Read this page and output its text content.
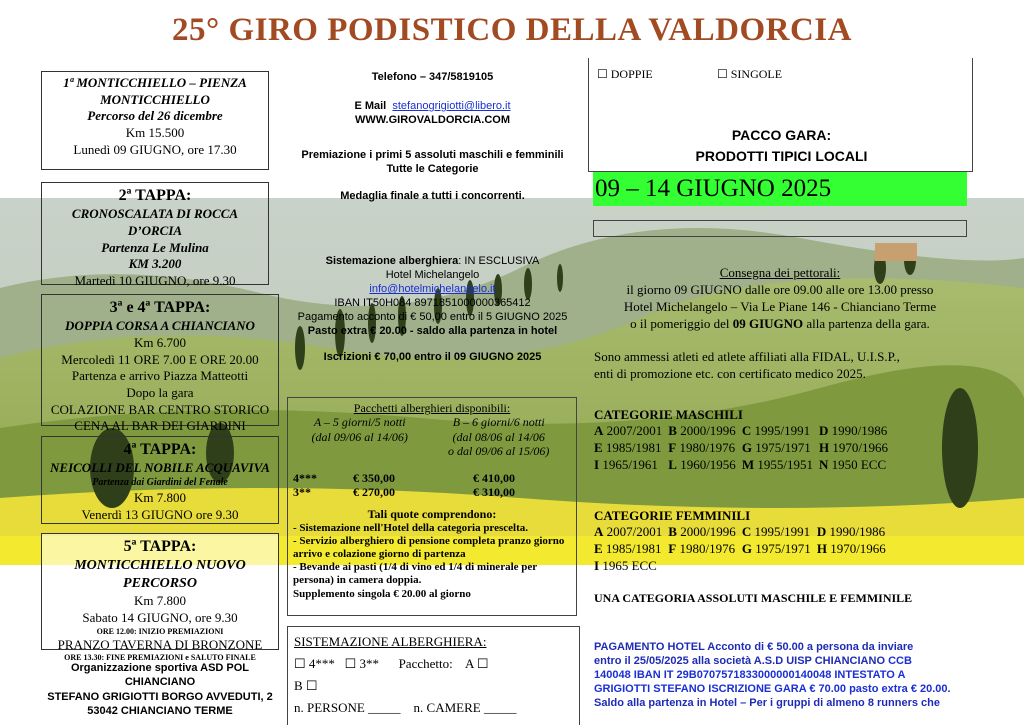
25° GIRO PODISTICO DELLA VALDORCIA
1ª MONTICCHIELLO – PIENZA MONTICCHIELLO
Percorso del 26 dicembre
Km 15.500
Lunedì 09 GIUGNO, ore 17.30
2ª TAPPA:
CRONOSCALATA DI ROCCA D’ORCIA
Partenza Le Mulina
KM 3.200
Martedì 10 GIUGNO, ore 9.30
3ª e 4ª TAPPA:
DOPPIA CORSA A CHIANCIANO
Km 6.700
Mercoledì 11 ORE 7.00 E ORE 20.00
Partenza e arrivo Piazza Matteotti
Dopo la gara
COLAZIONE BAR CENTRO STORICO
CENA AL BAR DEI GIARDINI
4ª TAPPA:
NEICOLLI DEL NOBILE ACQUAVIVA
Partenza dai Giardini del Fenale
Km 7.800
Venerdì 13 GIUGNO ore 9.30
5ª TAPPA:
MONTICCHIELLO NUOVO PERCORSO
Km 7.800
Sabato 14 GIUGNO, ore 9.30
ORE 12.00: INIZIO PREMIAZIONI
PRANZO TAVERNA DI BRONZONE
ORE 13.30: FINE PREMIAZIONI e SALUTO FINALE
Organizzazione sportiva ASD POL
CHIANCIANO
STEFANO GRIGIOTTI BORGO AVVEDUTI, 2
53042 CHIANCIANO TERME
Telefono – 347/5819105
E Mail stefanogrigiotti@libero.it
WWW.GIROVALDORCIA.COM
Premiazione i primi 5 assoluti maschili e femminili
Tutte le Categorie
Medaglia finale a tutti i concorrenti.
Sistemazione alberghiera: IN ESCLUSIVA
Hotel Michelangelo
info@hotelmichelangelo.it
IBAN IT50H084 8971851000000365412
Pagamento acconto di € 50,00 entro il 5 GIUGNO 2025
Pasto extra € 20.00 - saldo alla partenza in hotel
Iscrizioni € 70,00 entro il 09 GIUGNO 2025
Pacchetti alberghieri disponibili:
A – 5 giorni/5 notti
(dal 09/06 al 14/06)
B – 6 giorni/6 notti
(dal 08/06 al 14/06
o dal 09/06 al 15/06)
4***	€ 350,00	€ 410,00
3**	€ 270,00	€ 310,00
Tali quote comprendono:
- Sistemazione nell'Hotel della categoria prescelta.
- Servizio alberghiero di pensione completa pranzo giorno arrivo e colazione giorno di partenza
- Bevande ai pasti (1/4 di vino ed 1/4 di minerale per persona) in camera doppia.
Supplemento singola € 20.00 al giorno
SISTEMAZIONE ALBERGHIERA:
☐ 4*** ☐ 3** Pacchetto: A ☐
B ☐
n. PERSONE _____ n. CAMERE _____
☐ DOPPIE	☐ SINGOLE
PACCO GARA:
PRODOTTI TIPICI LOCALI
09 – 14 GIUGNO 2025
Consegna dei pettorali:
il giorno 09 GIUGNO dalle ore 09.00 alle ore 13.00 presso
Hotel Michelangelo – Via Le Piane 146 - Chianciano Terme
o il pomeriggio del 09 GIUGNO alla partenza della gara.
Sono ammessi atleti ed atlete affiliati alla FIDAL, U.I.S.P.,
enti di promozione etc. con certificato medico 2025.
CATEGORIE MASCHILI
A 2007/2001	B 2000/1996	C 1995/1991	D 1990/1986
E 1985/1981	F 1980/1976	G 1975/1971	H 1970/1966
I 1965/1961	L 1960/1956	M 1955/1951	N 1950 ECC
CATEGORIE FEMMINILI
A 2007/2001	B 2000/1996	C 1995/1991	D 1990/1986
E 1985/1981	F 1980/1976	G 1975/1971	H 1970/1966
I 1965 ECC			
UNA CATEGORIA ASSOLUTI MASCHILE E FEMMINILE
PAGAMENTO HOTEL Acconto di € 50.00 a persona da inviare
entro il 25/05/2025 alla società A.S.D UISP CHIANCIANO CCB
140048 IBAN IT 29B0707571833000000140048 INTESTATO A
GRIGIOTTI STEFANO ISCRIZIONE GARA € 70.00 pasto extra € 20.00.
Saldo alla partenza in Hotel – Per i gruppi di almeno 8 runners che
